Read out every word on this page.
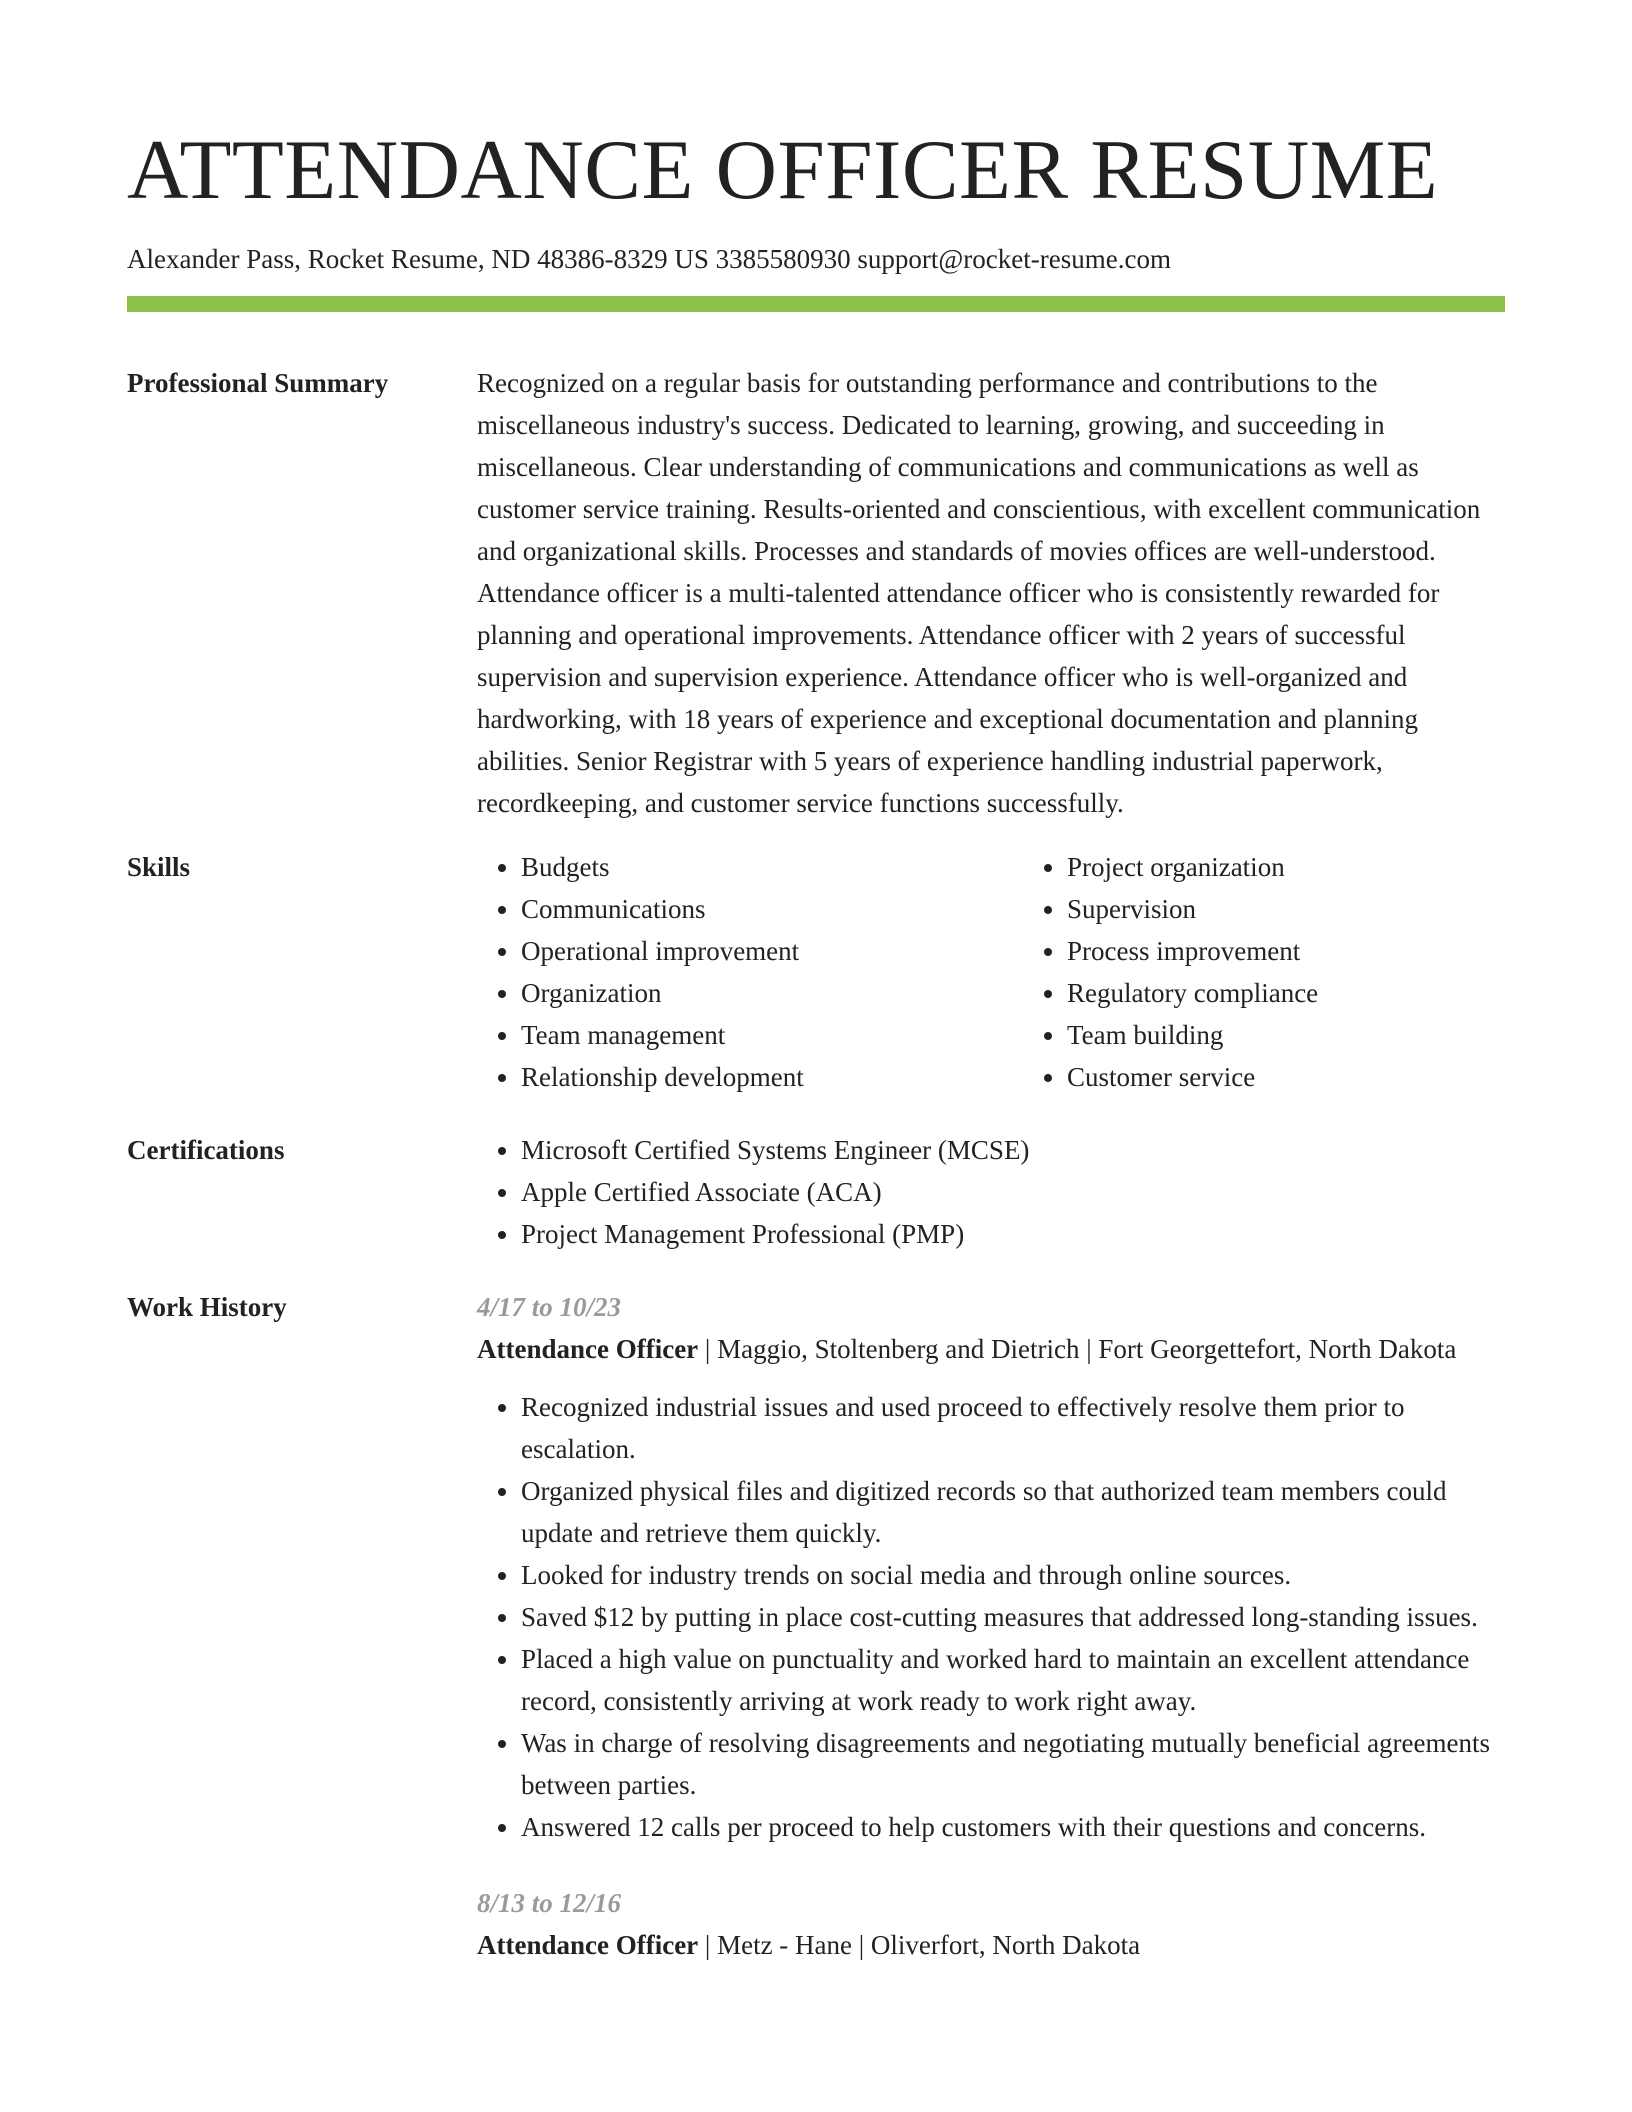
ATTENDANCE OFFICER RESUME
Alexander Pass, Rocket Resume, ND 48386-8329 US 3385580930 support@rocket-resume.com
Professional Summary	Recognized on a regular basis for outstanding performance and contributions to the miscellaneous industry's success. Dedicated to learning, growing, and succeeding in miscellaneous. Clear understanding of communications and communications as well as customer service training. Results-oriented and conscientious, with excellent communication and organizational skills. Processes and standards of movies offices are well-understood. Attendance officer is a multi-talented attendance officer who is consistently rewarded for planning and operational improvements. Attendance officer with 2 years of successful supervision and supervision experience. Attendance officer who is well-organized and hardworking, with 18 years of experience and exceptional documentation and planning abilities. Senior Registrar with 5 years of experience handling industrial paperwork, recordkeeping, and customer service functions successfully.

Skills	• Budgets
• Communications
• Operational improvement
• Organization
• Team management
• Relationship development
• Project organization
• Supervision
• Process improvement
• Regulatory compliance
• Team building
• Customer service
Certifications	• Microsoft Certified Systems Engineer (MCSE)
• Apple Certified Associate (ACA)
• Project Management Professional (PMP)
Work History	4/17 to 10/23
Attendance Officer | Maggio, Stoltenberg and Dietrich | Fort Georgettefort, North Dakota
• Recognized industrial issues and used proceed to effectively resolve them prior to escalation.
• Organized physical files and digitized records so that authorized team members could update and retrieve them quickly.
• Looked for industry trends on social media and through online sources.
• Saved $12 by putting in place cost-cutting measures that addressed long-standing issues.
• Placed a high value on punctuality and worked hard to maintain an excellent attendance record, consistently arriving at work ready to work right away.
• Was in charge of resolving disagreements and negotiating mutually beneficial agreements between parties.
• Answered 12 calls per proceed to help customers with their questions and concerns.
8/13 to 12/16
Attendance Officer | Metz - Hane | Oliverfort, North Dakota
